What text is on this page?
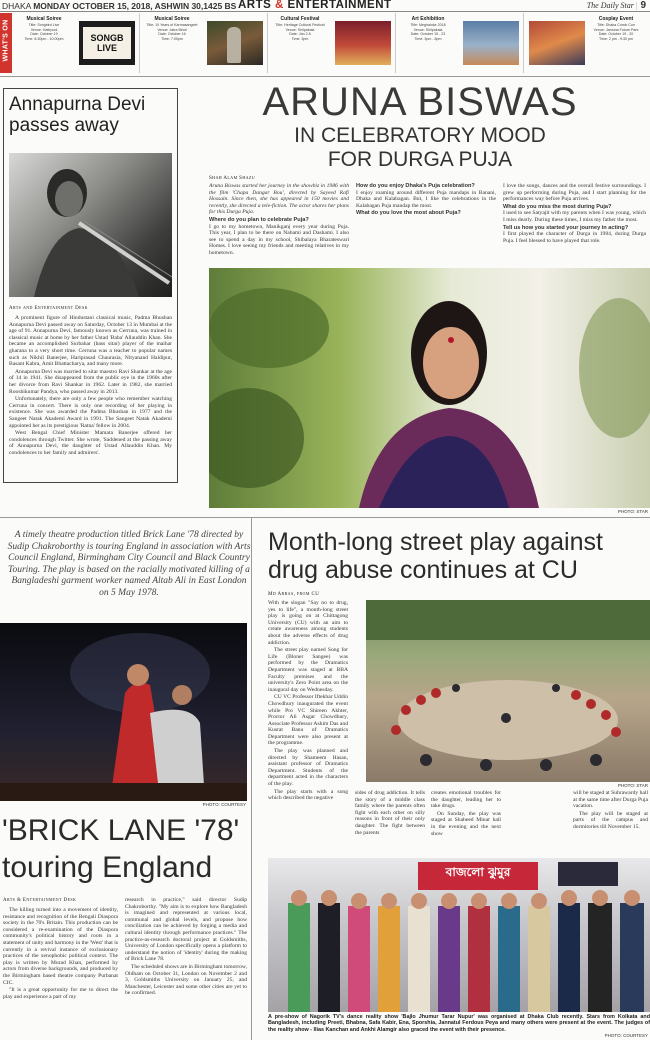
DHAKA MONDAY OCTOBER 15, 2018, ASHWIN 30,1425 BS ARTS & ENTERTAINMENT	The Daily Star | 9
WHAT'S ON
Musical Soiree
Title: Songbird Live
Venue: Hatirpool
Date: October 19
Time: 6:30pm - 10:00pm	SONGB LIVE
Musical Soiree
Title: 10 Years of Karmasangeet
Venue: Jatra Biroti
Date: October 16
Time: 7:00pm
Cultural Festival
Title: Heritage Cultural Festival
Venue: Shilpakala
Date: Jan 2-6
Time: 3pm
Art Exhibition
Title: Meghaloke 2018
Venue: Shilpakala
Date: October 15 - 23
Time: 3pm - 8pm
Cosplay Event
Title: Dhaka Comic Con
Venue: Jamuna Future Park
Date: October 19 - 20
Time: 2 pm - 9:30 pm
Annapurna Devi passes away
Arts and Entertainment Desk

A prominent figure of Hindustani classical music, Padma Bhushan Annapurna Devi passed away on Saturday, October 13 in Mumbai at the age of 91. Annapurna Devi, famously known as Cerruna, was trained in classical music at home by her father Ustad 'Baba' Allauddin Khan. She became an accomplished Surbahar (bass sitar) player of the maihar gharana to a very short time. Cerruna was a teacher to popular names such as Nikhil Banerjee, Hariprasad Chaurasia, Nityanand Haldipur, Basant Kabra, Amit Bhattacharya, and many more.

Annapurna Devi was married to sitar maestro Ravi Shankar at the age of 14 in 1941. She disappeared from the public eye in the 1960s after her divorce from Ravi Shankar in 1962. Later in 1982, she married Rooshikumar Pandya, who passed away in 2013.

Unfortunately, there are only a few people who remember watching Cerruna in concert. There is only one recording of her playing in existence. She was awarded the Padma Bhushan in 1977 and the Sangeet Natak Akademi Award in 1991. The Sangeet Natak Akademi appointed her as its prestigious 'Ratna' fellow in 2004.

West Bengal Chief Minister Mamata Banerjee offered her condolences through Twitter. She wrote, 'Saddened at the passing away of Annapurna Devi, the daughter of Ustad Allauddin Khan. My condolences to her family and admirers'.

ARUNA BISWAS
IN CELEBRATORY MOOD
FOR DURGA PUJA
Shah Alam Shazu

Aruna Biswas started her journey in the showbiz in 1986 with the film 'Chapa Dangar Bou', directed by Sayeed Rafi Hossain. Since then, she has appeared in 150 movies and recently, she directed a tele-fiction. The actor shares her plans for this Durga Puja.

Where do you plan to celebrate Puja?

I go to my hometown, Manikganj every year during Puja. This year, I plan to be there on Nabami and Dashami. I also see to spend a day in my school, Shibalaya Bharateswari Homes. I love seeing my friends and meeting relatives in my hometown.

How do you enjoy Dhaka's Puja celebration?

I enjoy roaming around different Puja mandaps in Banani, Dhaka and Kalabagan. But, I like the celebrations in the Kalabagan Puja mandap the most.

What do you love the most about Puja?

I love the songs, dances and the overall festive surroundings. I grew up performing during Puja, and I start planning for the performances way before Puja arrives.

What do you miss the most during Puja?

I used to see Satyajit with my parents when I was young, which I miss dearly. During these times, I miss my father the most.

Tell us how you started your journey in acting?

I first played the character of Durga in 1984, during Durga Puja. I feel blessed to have played that role.

PHOTO: STAR
A timely theatre production titled Brick Lane '78 directed by Sudip Chakroborthy is touring England in association with Arts Council England, Birmingham City Council and Black Country Touring. The play is based on the racially motivated killing of a Bangladeshi garment worker named Altab Ali in East London on 5 May 1978.
PHOTO: COURTESY
'BRICK LANE '78'
touring England
Arts & Entertainment Desk

The killing turned into a movement of identity, resistance and recognition of the Bengali Diaspora society in the 70's Britain. This production can be considered a re-examination of the Diaspora community's political history and roots in a statement of unity and harmony in the 'West' that is currently in a revival instance of exclusionary practices of the xenophobic political context. The play is written by Murad Khan, performed by actors from diverse backgrounds, and produced by the Birmingham based theatre company Purbanat CIC.

"It is a great opportunity for me to direct the play and experience a part of my

research in practice," said director Sudip Chakroborthy. "My aim is to explore how Bangladesh is imagined and represented at various local, communal and global levels, and propose how conciliation can be achieved by forging a media and cultural identity through performance practices." The practice-as-research doctoral project at Goldsmiths, University of London specifically opens a platform to understand the notion of 'identity' during the making of Brick Lane 78.

The scheduled shows are in Birmingham tomorrow, Oldham on October 31, London on November 2 and 3, Goldsmiths University on January 25, and Manchester, Leicester and some other cities are yet to be confirmed.

Month-long street play against drug abuse continues at CU
Md Abbas, from CU

With the slogan "Say no to drug, yes to life", a month-long street play is going on at Chittagong University (CU) with an aim to create awareness among students about the adverse effects of drug addiction.

The street play named Song for Life (Bloner Sangee) was performed by the Dramatics Department was staged at BBA Faculty premises and the university's Zero Point area on the inaugural day on Wednesday.

CU VC Professor Iftekhar Uddin Chowdhury inaugurated the event while Pro VC Shireen Akhter, Proctor Ali Asgar Chowdhury, Associate Professor Ashim Das and Kusrat Banu of Dramatics Department were also present at the programme.

The play was planned and directed by Shameem Hasan, assistant professor of Dramatics Department. Students of the department acted in the characters of the play.

The play starts with a song which described the negative

PHOTO: STAR
sides of drug addiction. It tells the story of a middle class family where the parents often fight with each other on silly reasons in front of their only daughter. The fight between the parents

creates emotional troubles for the daughter, leading her to take drugs.

On Sunday, the play was staged at Shaheed Minar hall in the evening and the next show

will be staged at Suhrawardy hall at the same time after Durga Puja vacation.

The play will be staged at parts of the campus and dormitories till November 15.

বাজলো ঝুমুর
A pre-show of Nagorik TV's dance reality show 'Bajlo Jhumur Tarar Nupur' was organised at Dhaka Club recently. Stars from Kolkata and Bangladesh, including Preeti, Bhabna, Safa Kabir, Ena, Sporshia, Jannatul Ferdous Peya and many others were present at the event. The judges of the reality show - Ilias Kanchan and Ankhi Alamgir also graced the event with their presence.
PHOTO: COURTESY
